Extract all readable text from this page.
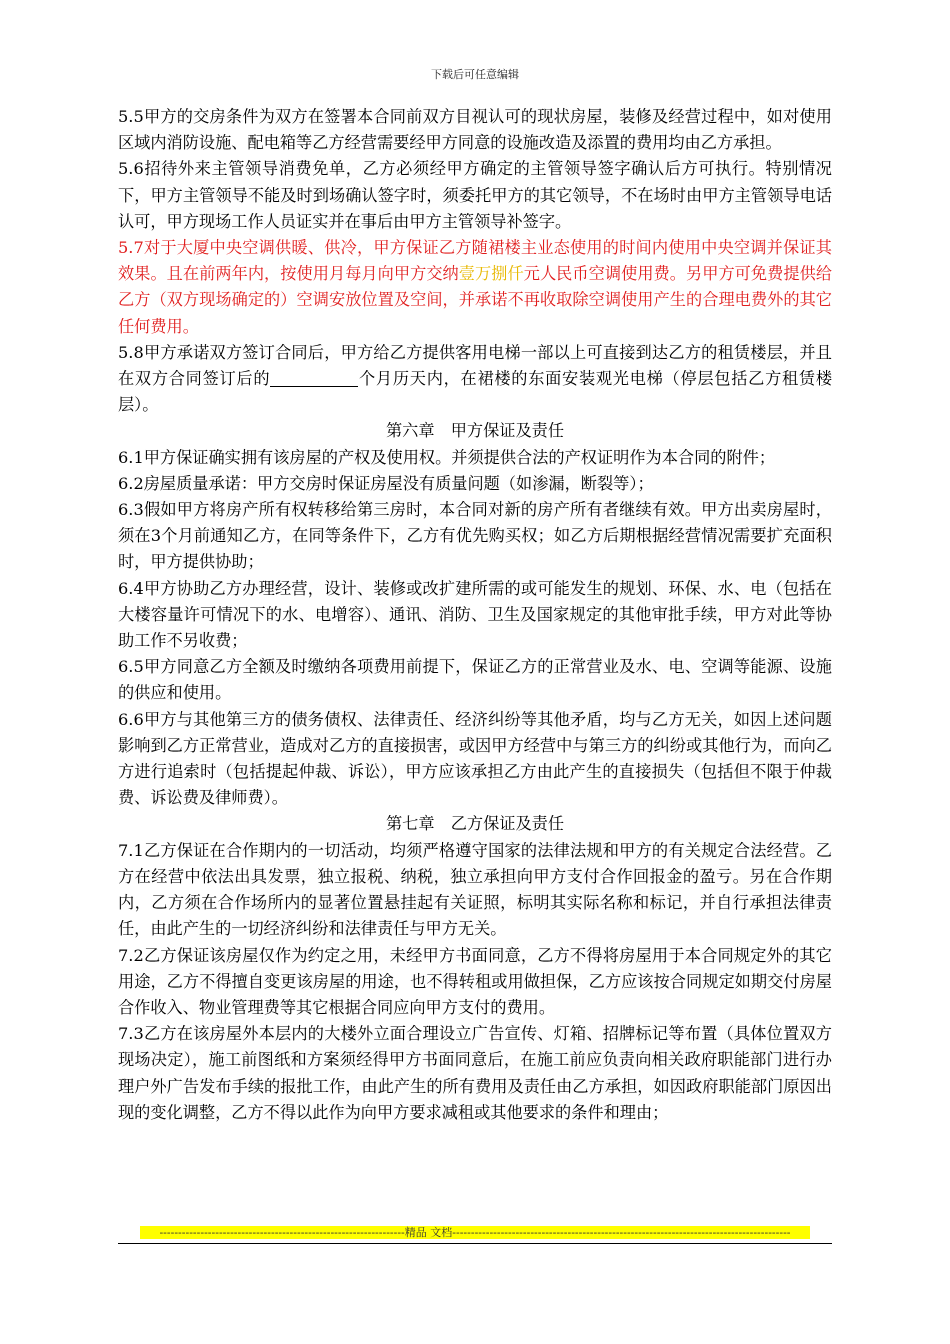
下载后可任意编辑

5.5甲方的交房条件为双方在签署本合同前双方目视认可的现状房屋，装修及经营过程中，如对使用区域内消防设施、配电箱等乙方经营需要经甲方同意的设施改造及添置的费用均由乙方承担。

5.6招待外来主管领导消费免单，乙方必须经甲方确定的主管领导签字确认后方可执行。特别情况下，甲方主管领导不能及时到场确认签字时，须委托甲方的其它领导，不在场时由甲方主管领导电话认可，甲方现场工作人员证实并在事后由甲方主管领导补签字。

5.7对于大厦中央空调供暖、供冷，甲方保证乙方随裙楼主业态使用的时间内使用中央空调并保证其效果。且在前两年内，按使用月每月向甲方交纳壹万捌仟元人民币空调使用费。另甲方可免费提供给乙方（双方现场确定的）空调安放位置及空间，并承诺不再收取除空调使用产生的合理电费外的其它任何费用。

5.8甲方承诺双方签订合同后，甲方给乙方提供客用电梯一部以上可直接到达乙方的租赁楼层，并且在双方合同签订后的	个月历天内，在裙楼的东面安装观光电梯（停层包括乙方租赁楼层）。

第六章　甲方保证及责任

6.1甲方保证确实拥有该房屋的产权及使用权。并须提供合法的产权证明作为本合同的附件；

6.2房屋质量承诺：甲方交房时保证房屋没有质量问题（如渗漏，断裂等）；

6.3假如甲方将房产所有权转移给第三房时，本合同对新的房产所有者继续有效。甲方出卖房屋时，须在3个月前通知乙方，在同等条件下，乙方有优先购买权；如乙方后期根据经营情况需要扩充面积时，甲方提供协助；

6.4甲方协助乙方办理经营，设计、装修或改扩建所需的或可能发生的规划、环保、水、电（包括在大楼容量许可情况下的水、电增容）、通讯、消防、卫生及国家规定的其他审批手续，甲方对此等协助工作不另收费；

6.5甲方同意乙方全额及时缴纳各项费用前提下，保证乙方的正常营业及水、电、空调等能源、设施的供应和使用。

6.6甲方与其他第三方的债务债权、法律责任、经济纠纷等其他矛盾，均与乙方无关，如因上述问题影响到乙方正常营业，造成对乙方的直接损害，或因甲方经营中与第三方的纠纷或其他行为，而向乙方进行追索时（包括提起仲裁、诉讼），甲方应该承担乙方由此产生的直接损失（包括但不限于仲裁费、诉讼费及律师费）。

第七章　乙方保证及责任

7.1乙方保证在合作期内的一切活动，均须严格遵守国家的法律法规和甲方的有关规定合法经营。乙方在经营中依法出具发票，独立报税、纳税，独立承担向甲方支付合作回报金的盈亏。另在合作期内，乙方须在合作场所内的显著位置悬挂起有关证照，标明其实际名称和标记，并自行承担法律责任，由此产生的一切经济纠纷和法律责任与甲方无关。

7.2乙方保证该房屋仅作为约定之用，未经甲方书面同意，乙方不得将房屋用于本合同规定外的其它用途，乙方不得擅自变更该房屋的用途，也不得转租或用做担保，乙方应该按合同规定如期交付房屋合作收入、物业管理费等其它根据合同应向甲方支付的费用。

7.3乙方在该房屋外本层内的大楼外立面合理设立广告宣传、灯箱、招牌标记等布置（具体位置双方现场决定），施工前图纸和方案须经得甲方书面同意后，在施工前应负责向相关政府职能部门进行办理户外广告发布手续的报批工作，由此产生的所有费用及责任由乙方承担，如因政府职能部门原因出现的变化调整，乙方不得以此作为向甲方要求减租或其他要求的条件和理由；

------------------------------------------------------------------精品 文档-------------------------------------------------------------------------------------------
